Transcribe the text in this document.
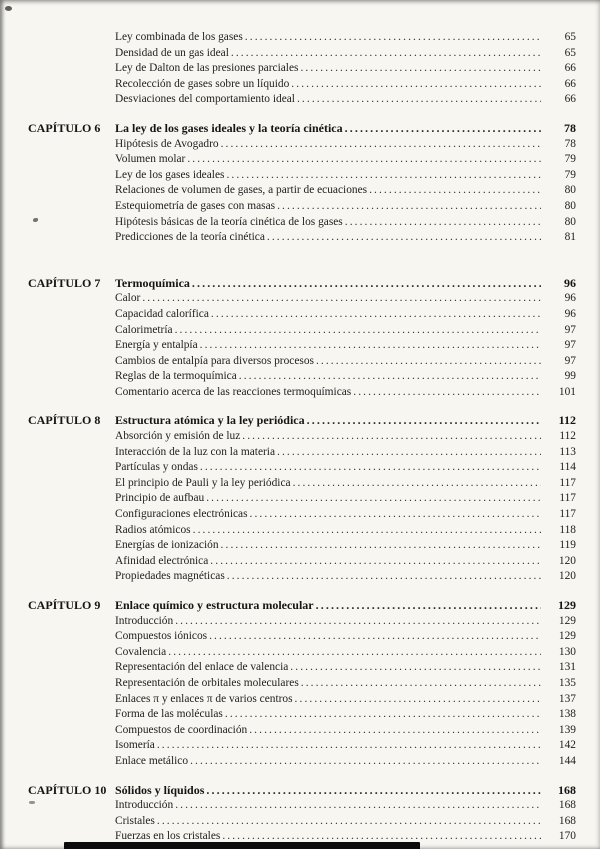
Ley combinada de los gases .....	65
Densidad de un gas ideal .....	65
Ley de Dalton de las presiones parciales .....	66
Recolección de gases sobre un líquido .....	66
Desviaciones del comportamiento ideal .....	66
CAPÍTULO 6	La ley de los gases ideales y la teoría cinética .....	78
Hipótesis de Avogadro .....	78
Volumen molar .....	79
Ley de los gases ideales .....	79
Relaciones de volumen de gases, a partir de ecuaciones .....	80
Estequiometría de gases con masas .....	80
Hipótesis básicas de la teoría cinética de los gases .....	80
Predicciones de la teoría cinética .....	81
CAPÍTULO 7	Termoquímica .....	96
Calor .....	96
Capacidad calorífica .....	96
Calorimetría .....	97
Energía y entalpía .....	97
Cambios de entalpía para diversos procesos .....	97
Reglas de la termoquímica .....	99
Comentario acerca de las reacciones termoquímicas .....	101
CAPÍTULO 8	Estructura atómica y la ley periódica .....	112
Absorción y emisión de luz .....	112
Interacción de la luz con la materia .....	113
Partículas y ondas .....	114
El principio de Pauli y la ley periódica .....	117
Principio de aufbau .....	117
Configuraciones electrónicas .....	117
Radios atómicos .....	118
Energías de ionización .....	119
Afinidad electrónica .....	120
Propiedades magnéticas .....	120
CAPÍTULO 9	Enlace químico y estructura molecular .....	129
Introducción .....	129
Compuestos iónicos .....	129
Covalencia .....	130
Representación del enlace de valencia .....	131
Representación de orbitales moleculares .....	135
Enlaces π y enlaces π de varios centros .....	137
Forma de las moléculas .....	138
Compuestos de coordinación .....	139
Isomería .....	142
Enlace metálico .....	144
CAPÍTULO 10 Sólidos y líquidos .....	168
Introducción .....	168
Cristales .....	168
Fuerzas en los cristales .....	170
